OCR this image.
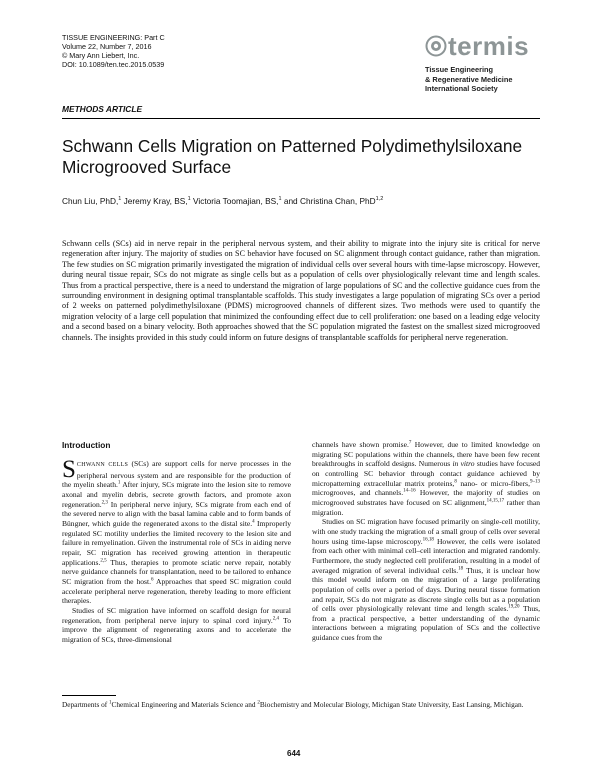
TISSUE ENGINEERING: Part C
Volume 22, Number 7, 2016
© Mary Ann Liebert, Inc.
DOI: 10.1089/ten.tec.2015.0539
termis
Tissue Engineering
& Regenerative Medicine
International Society
METHODS ARTICLE
Schwann Cells Migration on Patterned Polydimethylsiloxane Microgrooved Surface
Chun Liu, PhD,$^1$ Jeremy Kray, BS,$^1$ Victoria Toomajian, BS,$^1$ and Christina Chan, PhD$^{1,2}$
Schwann cells (SCs) aid in nerve repair in the peripheral nervous system, and their ability to migrate into the injury site is critical for nerve regeneration after injury. The majority of studies on SC behavior have focused on SC alignment through contact guidance, rather than migration. The few studies on SC migration primarily investigated the migration of individual cells over several hours with time-lapse microscopy. However, during neural tissue repair, SCs do not migrate as single cells but as a population of cells over physiologically relevant time and length scales. Thus from a practical perspective, there is a need to understand the migration of large populations of SC and the collective guidance cues from the surrounding environment in designing optimal transplantable scaffolds. This study investigates a large population of migrating SCs over a period of 2 weeks on patterned polydimethylsiloxane (PDMS) microgrooved channels of different sizes. Two methods were used to quantify the migration velocity of a large cell population that minimized the confounding effect due to cell proliferation: one based on a leading edge velocity and a second based on a binary velocity. Both approaches showed that the SC population migrated the fastest on the smallest sized microgrooved channels. The insights provided in this study could inform on future designs of transplantable scaffolds for peripheral nerve regeneration.
Introduction

SCHWANN CELLS (SCs) are support cells for nerve processes in the peripheral nervous system and are responsible for the production of the myelin sheath.$^1$ After injury, SCs migrate into the lesion site to remove axonal and myelin debris, secrete growth factors, and promote axon regeneration.$^{2,3}$ In peripheral nerve injury, SCs migrate from each end of the severed nerve to align with the basal lamina cable and to form bands of Büngner, which guide the regenerated axons to the distal site.$^4$ Improperly regulated SC motility underlies the limited recovery to the lesion site and failure in remyelination. Given the instrumental role of SCs in aiding nerve repair, SC migration has received growing attention in therapeutic applications.$^{2,5}$ Thus, therapies to promote sciatic nerve repair, notably nerve guidance channels for transplantation, need to be tailored to enhance SC migration from the host.$^6$ Approaches that speed SC migration could accelerate peripheral nerve regeneration, thereby leading to more efficient therapies.

Studies of SC migration have informed on scaffold design for neural regeneration, from peripheral nerve injury to spinal cord injury.$^{2,4}$ To improve the alignment of regenerating axons and to accelerate the migration of SCs, three-dimensional

channels have shown promise.$^7$ However, due to limited knowledge on migrating SC populations within the channels, there have been few recent breakthroughs in scaffold designs. Numerous in vitro studies have focused on controlling SC behavior through contact guidance achieved by micropatterning extracellular matrix proteins,$^8$ nano- or micro-fibers,$^{9-13}$ microgrooves, and channels.$^{14-16}$ However, the majority of studies on microgrooved substrates have focused on SC alignment,$^{14,15,17}$ rather than migration.

Studies on SC migration have focused primarily on single-cell motility, with one study tracking the migration of a small group of cells over several hours using time-lapse microscopy.$^{16,18}$ However, the cells were isolated from each other with minimal cell–cell interaction and migrated randomly. Furthermore, the study neglected cell proliferation, resulting in a model of averaged migration of several individual cells.$^{18}$ Thus, it is unclear how this model would inform on the migration of a large proliferating population of cells over a period of days. During neural tissue formation and repair, SCs do not migrate as discrete single cells but as a population of cells over physiologically relevant time and length scales.$^{19,20}$ Thus, from a practical perspective, a better understanding of the dynamic interactions between a migrating population of SCs and the collective guidance cues from the

Departments of $^1$Chemical Engineering and Materials Science and $^2$Biochemistry and Molecular Biology, Michigan State University, East Lansing, Michigan.
644
